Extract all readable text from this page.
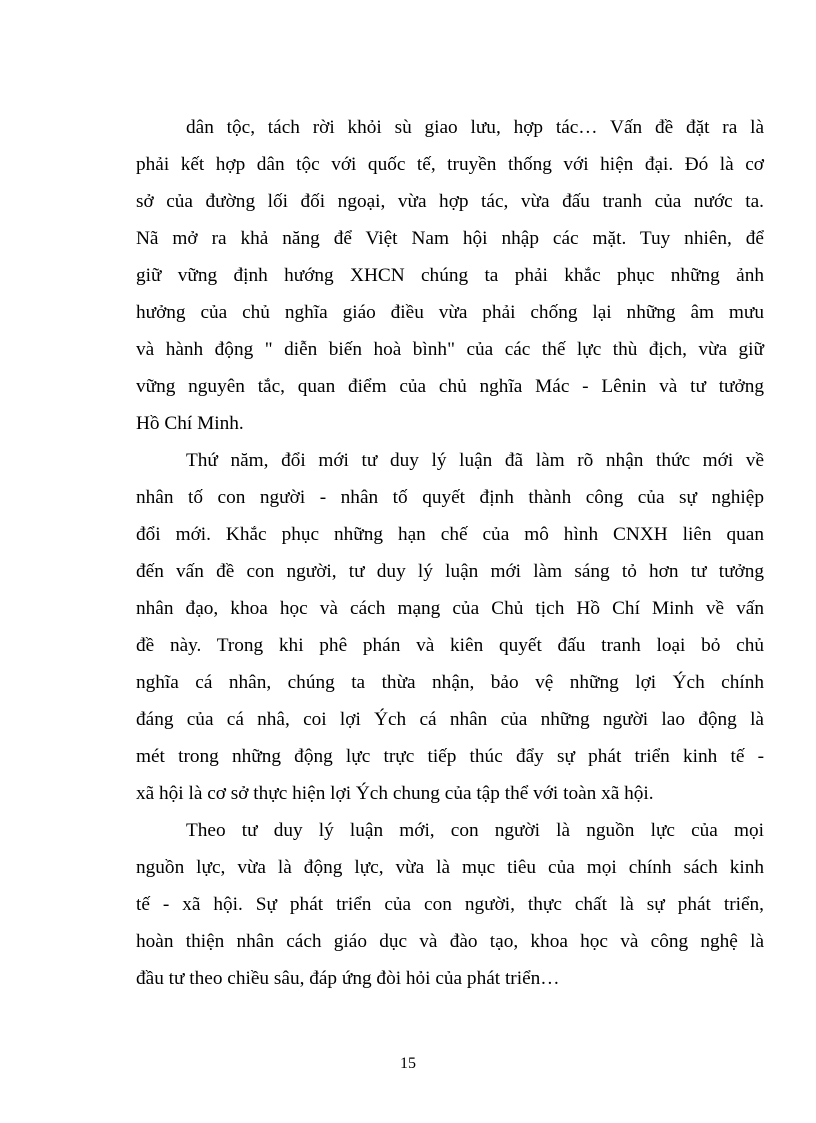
dân tộc, tách rời khỏi sù giao lưu, hợp tác… Vấn đề đặt ra là
phải kết hợp dân tộc với quốc tế, truyền thống với hiện đại. Đó là cơ
sở của đường lối đối ngoại, vừa hợp tác, vừa đấu tranh của nước ta.
Nã mở ra khả năng để Việt Nam hội nhập các mặt. Tuy nhiên, để
giữ vững định hướng XHCN chúng ta phải khắc phục những ảnh
hưởng của chủ nghĩa giáo điều vừa phải chống lại những âm mưu
và hành động " diễn biến hoà bình" của các thế lực thù địch, vừa giữ
vững nguyên tắc, quan điểm của chủ nghĩa Mác - Lênin và tư tưởng
Hồ Chí Minh.
Thứ năm, đổi mới tư duy lý luận đã làm rõ nhận thức mới về
nhân tố con người - nhân tố quyết định thành công của sự nghiệp
đổi mới. Khắc phục những hạn chế của mô hình CNXH liên quan
đến vấn đề con người, tư duy lý luận mới làm sáng tỏ hơn tư tưởng
nhân đạo, khoa học và cách mạng của Chủ tịch Hồ Chí Minh về vấn
đề này. Trong khi phê phán và kiên quyết đấu tranh loại bỏ chủ
nghĩa cá nhân, chúng ta thừa nhận, bảo vệ những lợi Ých chính
đáng của cá nhâ, coi lợi Ých cá nhân của những người lao động là
mét trong những động lực trực tiếp thúc đẩy sự phát triển kinh tế -
xã hội là cơ sở thực hiện lợi Ých chung của tập thể với toàn xã hội.
Theo tư duy lý luận mới, con người là nguồn lực của mọi
nguồn lực, vừa là động lực, vừa là mục tiêu của mọi chính sách kinh
tế - xã hội. Sự phát triển của con người, thực chất là sự phát triển,
hoàn thiện nhân cách giáo dục và đào tạo, khoa học và công nghệ là
đầu tư theo chiều sâu, đáp ứng đòi hỏi của phát triển…
15
